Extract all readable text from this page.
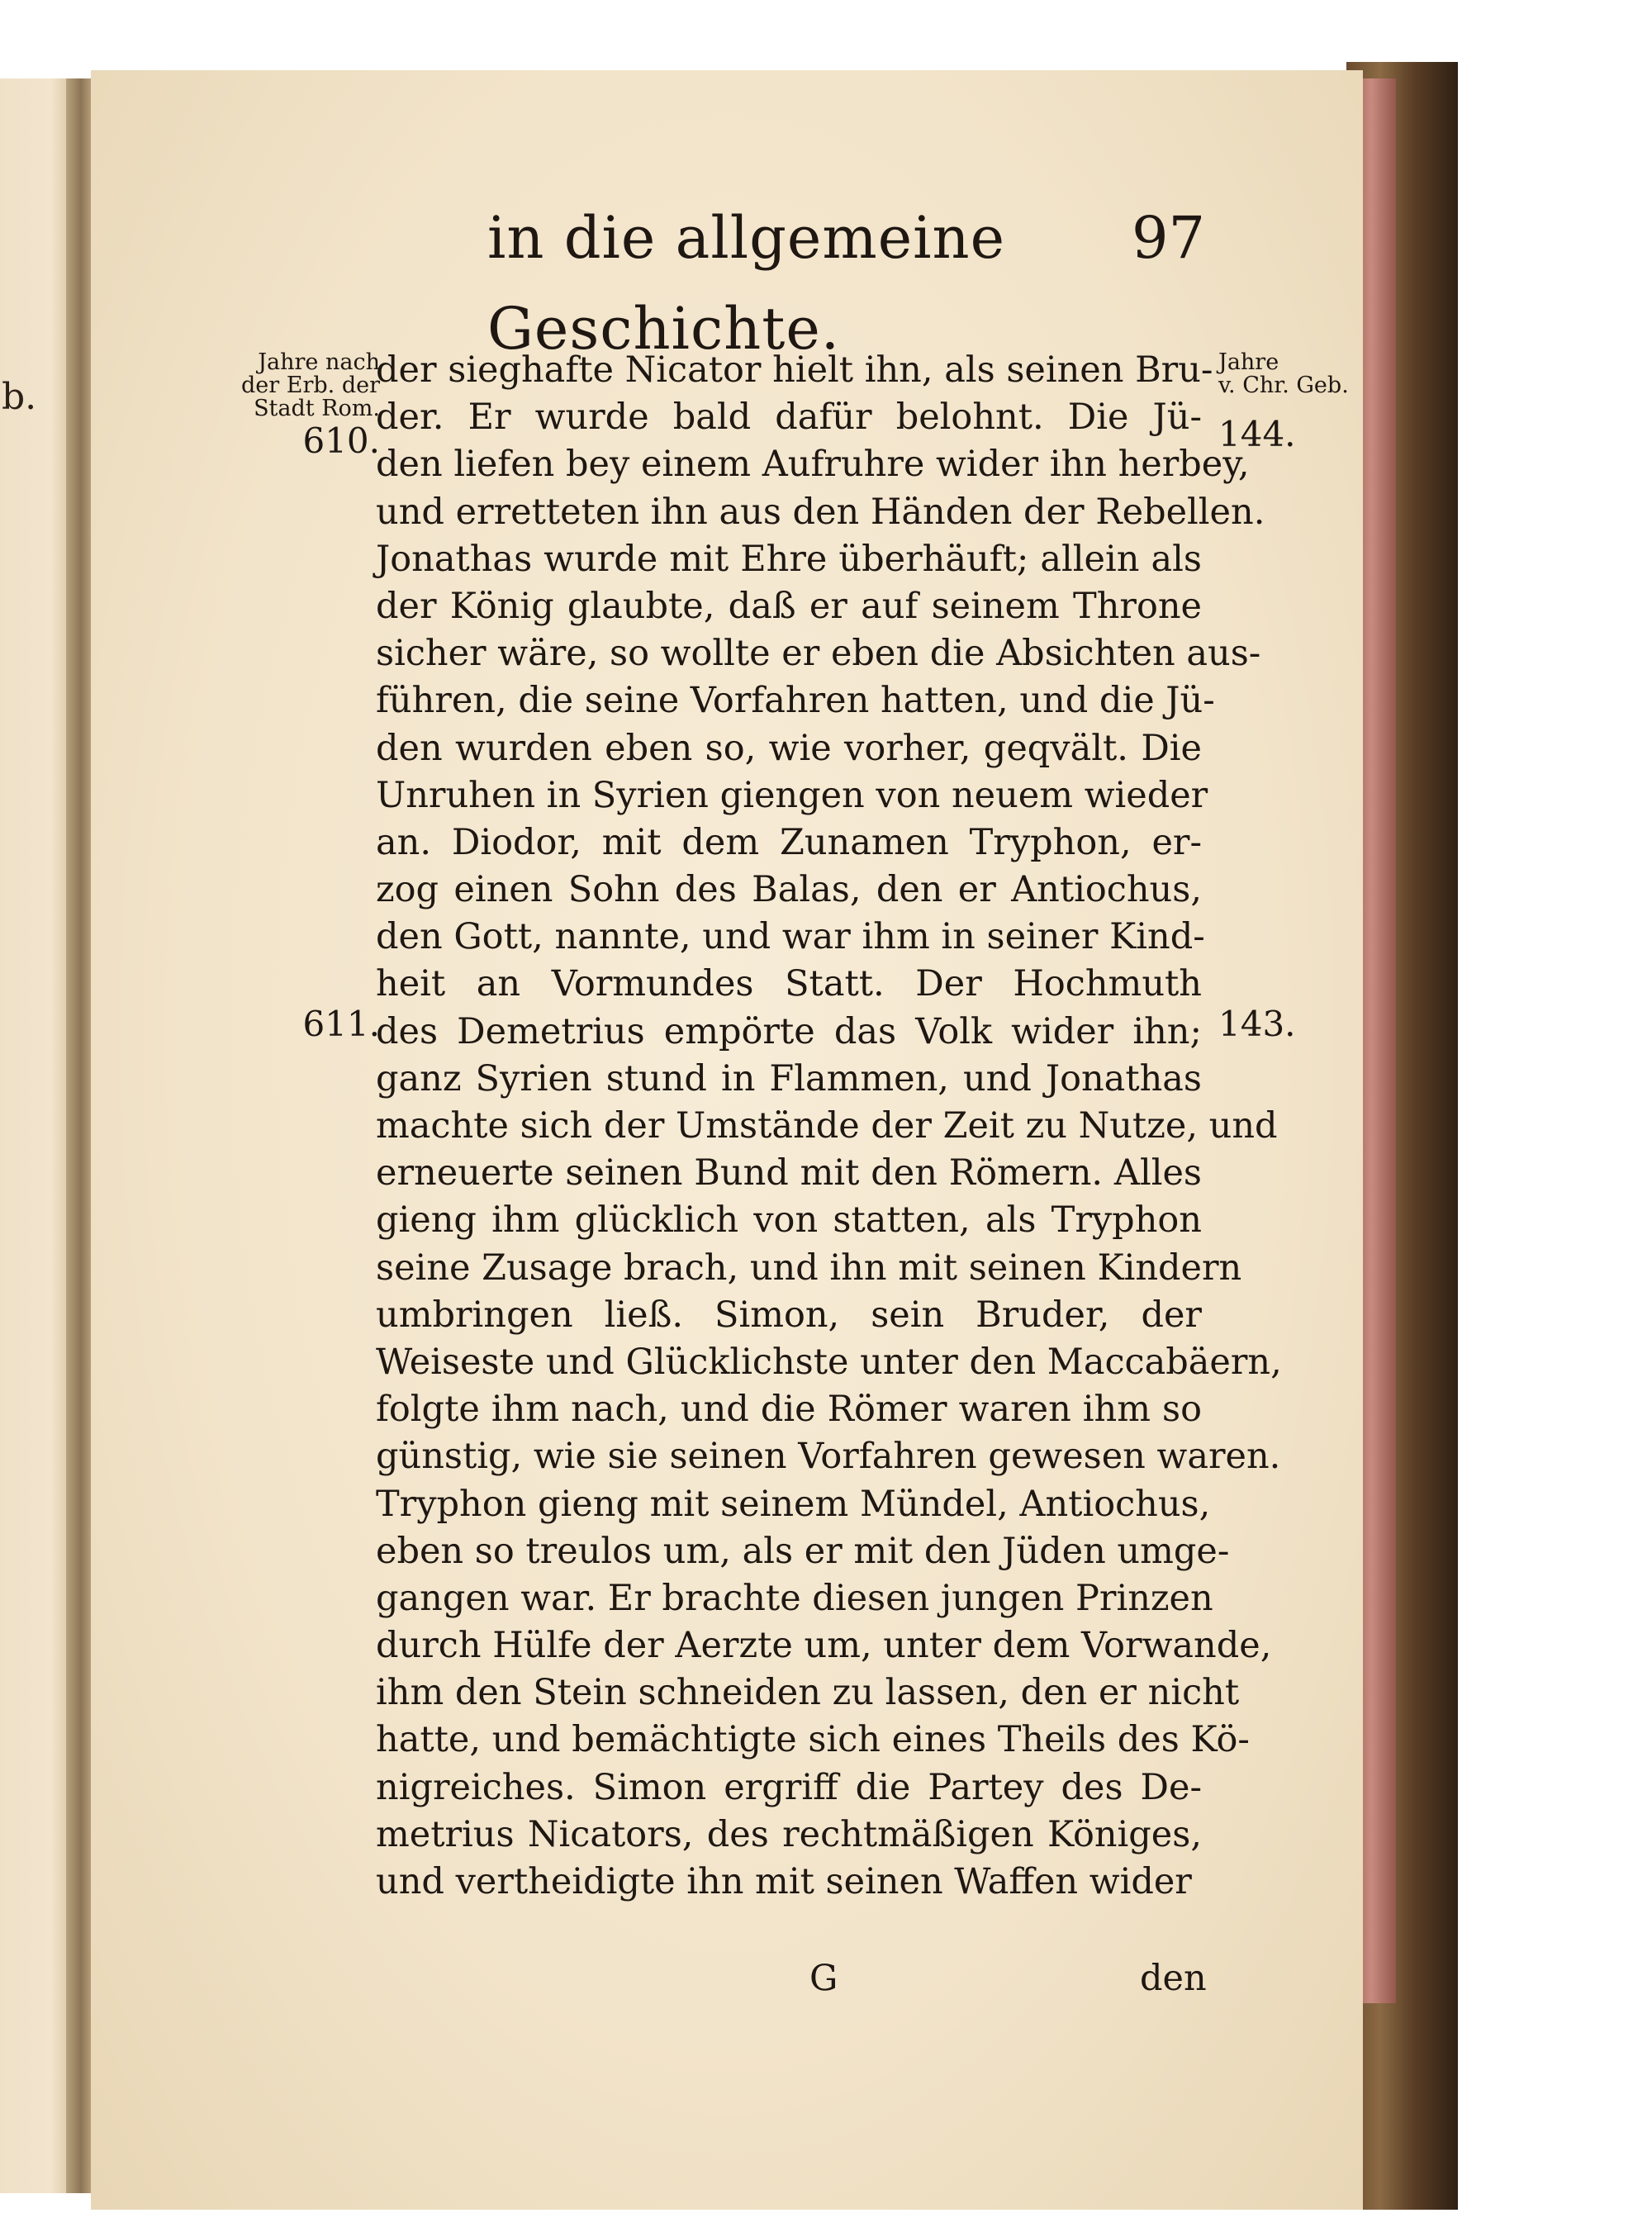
b.
in die allgemeine Geschichte.
97
Jahre nach
der Erb. der
Stadt Rom.
610.
611.
Jahre
v. Chr. Geb.
144.
143.
der sieghafte Nicator hielt ihn, als seinen Bru-
der. Er wurde bald dafür belohnt. Die Jü-
den liefen bey einem Aufruhre wider ihn herbey,
und erretteten ihn aus den Händen der Rebellen.
Jonathas wurde mit Ehre überhäuft; allein als
der König glaubte, daß er auf seinem Throne
sicher wäre, so wollte er eben die Absichten aus-
führen, die seine Vorfahren hatten, und die Jü-
den wurden eben so, wie vorher, geqvält. Die
Unruhen in Syrien giengen von neuem wieder
an. Diodor, mit dem Zunamen Tryphon, er-
zog einen Sohn des Balas, den er Antiochus,
den Gott, nannte, und war ihm in seiner Kind-
heit an Vormundes Statt. Der Hochmuth
des Demetrius empörte das Volk wider ihn;
ganz Syrien stund in Flammen, und Jonathas
machte sich der Umstände der Zeit zu Nutze, und
erneuerte seinen Bund mit den Römern. Alles
gieng ihm glücklich von statten, als Tryphon
seine Zusage brach, und ihn mit seinen Kindern
umbringen ließ. Simon, sein Bruder, der
Weiseste und Glücklichste unter den Maccabäern,
folgte ihm nach, und die Römer waren ihm so
günstig, wie sie seinen Vorfahren gewesen waren.
Tryphon gieng mit seinem Mündel, Antiochus,
eben so treulos um, als er mit den Jüden umge-
gangen war. Er brachte diesen jungen Prinzen
durch Hülfe der Aerzte um, unter dem Vorwande,
ihm den Stein schneiden zu lassen, den er nicht
hatte, und bemächtigte sich eines Theils des Kö-
nigreiches. Simon ergriff die Partey des De-
metrius Nicators, des rechtmäßigen Königes,
und vertheidigte ihn mit seinen Waffen wider
G	den
